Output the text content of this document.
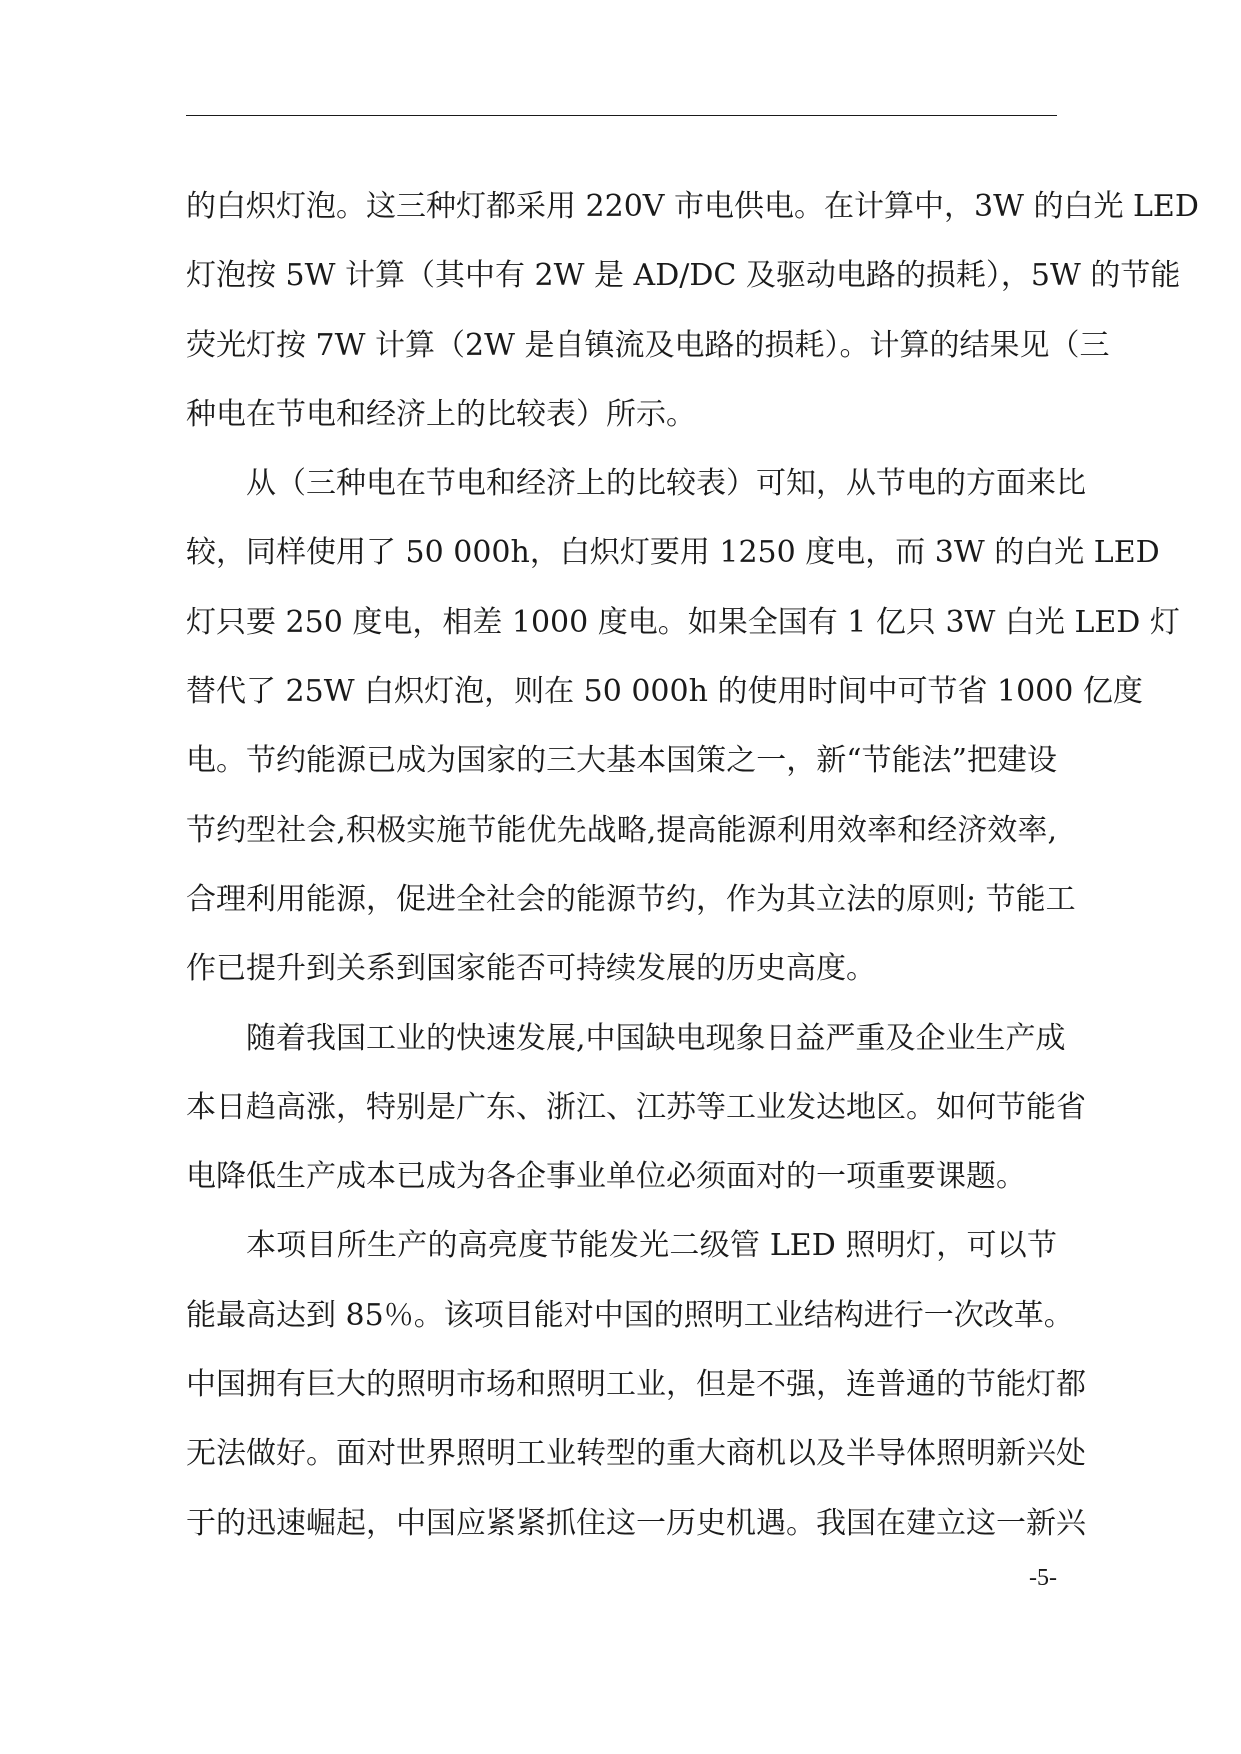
的白炽灯泡。这三种灯都采用 220V 市电供电。在计算中，3W 的白光 LED
灯泡按 5W 计算（其中有 2W 是 AD/DC 及驱动电路的损耗），5W 的节能
荧光灯按 7W 计算（2W 是自镇流及电路的损耗）。计算的结果见（三
种电在节电和经济上的比较表）所示。
从（三种电在节电和经济上的比较表）可知，从节电的方面来比
较，同样使用了 50 000h，白炽灯要用 1250 度电，而 3W 的白光 LED
灯只要 250 度电，相差 1000 度电。如果全国有 1 亿只 3W 白光 LED 灯
替代了 25W 白炽灯泡，则在 50 000h 的使用时间中可节省 1000 亿度
电。节约能源已成为国家的三大基本国策之一，新“节能法”把建设
节约型社会,积极实施节能优先战略,提高能源利用效率和经济效率,
合理利用能源，促进全社会的能源节约，作为其立法的原则; 节能工
作已提升到关系到国家能否可持续发展的历史高度。
随着我国工业的快速发展,中国缺电现象日益严重及企业生产成
本日趋高涨，特别是广东、浙江、江苏等工业发达地区。如何节能省
电降低生产成本已成为各企事业单位必须面对的一项重要课题。
本项目所生产的高亮度节能发光二级管 LED 照明灯，可以节
能最高达到 85％。该项目能对中国的照明工业结构进行一次改革。
中国拥有巨大的照明市场和照明工业，但是不强，连普通的节能灯都
无法做好。面对世界照明工业转型的重大商机以及半导体照明新兴处
于的迅速崛起，中国应紧紧抓住这一历史机遇。我国在建立这一新兴
-5-
